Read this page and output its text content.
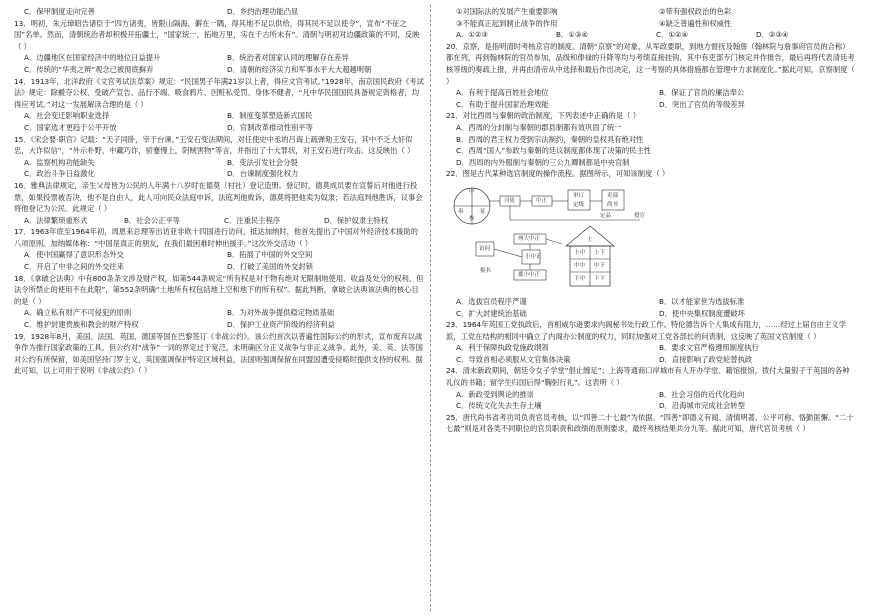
C．保甲制度走向完善	D．乡约治理功能凸显

13．明初，朱元璋昭告诸臣于“四方诸夷，皆限山隔海，僻在一隅，得其地不足以供给，得其民不足以使令”，宣布“不征之国”名单。然而，清朝统治者却积极开拓疆土，“国家统一，拓地万里，实在千古所未有”。清朝与明初对边疆政策的不同，反映（ ）

A．边疆地区在国家经济中的地位日益提升	B．统治者对国家认同的理解存在差异
C．传统的“华夷之辨”观念已被彻底摒弃	D．清朝的经济实力和军事水平大大超越明朝

14．1913年，北洋政府《文官考试法草案》规定：“民国男子年满21岁以上者，得应文官考试。”1928年，南京国民政府《考试法》规定：除褫夺公权、受破产宣告、品行不端、吸食鸦片、因赃私受罚、身体不健者，“凡中华民国国民具备规定资格者，均得应考试。”对这一发展解读合理的是（ ）

A．社会变迁影响职业选择	B．制度变革塑造新式国民
C．国家选才更趋于公平开放	D．官制改革推动性别平等

15．《宋会要·职官》记载：“天子同卧，宰于台谏。”王安石变法期间，对任使史中丞的吕诲上疏弹劾王安石，其中不乏大奸似忠，大诈似信”，“外示朴野，中藏巧诈，骄蹇慢上，阴贼害物”等言，并指出了十大罪状，对王安石进行攻击。这反映出（ ）

A．监察机构功能缺失	B．变法引发社会分裂
C．政治斗争日益激化	D．台谏制度强化权力

16．雅典法律规定，亲生父母皆为公民的人年满十八岁时在德莫（村社）登记造册。登记时，德莫成员要在宣誓后对他进行投票，如果投票被否决，他不是自由人，此人可向民众法庭申诉，法庭判他败诉，德莫将把他卖为奴隶；若法庭判他胜诉，议事会将他登记为公民。此规定（ ）

A．法律繁琐重形式	B．社会公正平等	C．注重民主程序	D．保护奴隶主特权

17．1963年底至1964年初，周恩来总理等出访亚非欧十四国进行访问，抵达加纳时，他首先提出了中国对外经济技术援助的八项原则。加纳媒体称：“中国是真正的朋友，在我们最困难时伸出援手。”这次外交活动（ ）

A．使中国赢得了意识形态外交	B．拓展了中国的外交空间
C．开启了中非之间的外交往来	D．打破了美国的外交封锁

18．《拿破仑法典》中有800条条文涉及财产权，如第544条规定“所有权是对于物有绝对无限制地使用、收益及处分的权利，但法令所禁止的使用不在此限”，第552条明确“土地所有权包括地上空和地下的所有权”。据此判断，拿破仑法典该法典的核心目的是（ ）

A．确立私有财产不可侵犯的原则	B．为对外战争提供稳定物质基础
C．维护封建贵族和教会的财产特权	D．保护工业资产阶级的经济利益

19．1928年8月，美国、法国、英国、德国等国在巴黎签订《非战公约》。该公约首次以普遍性国际公约的形式，宣布废弃以战争作为推行国家政策的工具。但公约对“战争”一词的界定过于宽泛，未明确区分正义战争与非正义战争。此外，美、英、法等国对公约有所保留，如美国坚持门罗主义，英国强调保护特定区域利益，法国则强调保留在同盟国遭受侵略时提供支持的权利。据此可知，以上可用于说明《非战公约》（ ）

①对国际法的发展产生重要影响	②带有强权政治的色彩
③不能真正起到制止战争的作用	④缺乏普遍性和权威性
A．①②③	B．①③④	C．①②④	D．②③④

20．京察，是指明清时考核京官的制度。清朝“京察”的对象，从军政要职，到地方督抚及翰詹（翰林院与詹事府官员的合称）都在列，再到翰林院的官员参加，品级和俸禄的升降等均与考绩直接挂钩，其中有吏部专门核定并作报告，最后再将代表清廷考核等级的奏疏上报，并再由清帝从中选择和最后作出决定，这一考察的具体措施都在管理中力求制度化。”据此可知，京察制度（ ）

A．有利于提高百姓社会地位	B．保证了官员的廉洁奉公
C．有助于提升国家治理效能	D．突出了官员的等级差异

21．对比西周与秦朝的政治制度，下列表述中正确的是（ ）

A．西周的分封制与秦朝的郡县制都有效巩固了统一
B．西周的君王权力受到宗法制约，秦朝的皇权具有绝对性
C．西周“国人”参政与秦朝的廷议制度都体现了决策的民主性
D．西周的内外服制与秦朝的三公九卿制都是中央官制

22．图是古代某种选官制度的操作流程。据图所示，可知该制度（ ）

中
奏	征
参
司徒	中正
审订
定级
吏部
尚书
定品	授官
访问
州大中正
小中正
郡小中正
报名
上
上中
中中
下中
上下
中下
下下
A．选拔官员程序严谨	B．以才能家世为选拔标准
C．扩大封建统治基础	D．使中央集权制度遭破坏

23．1964年英国工党执政后，首相威尔逊要求内阁秘书处行政工作。特伦德告诉个人集成有阻力，……经过上届自由主义学派，工党在结构的相同中确立了内阁办公制度的权力，同时加强对工党各部长的问责制，这反映了英国文官制度（ ）

A．利于保障执政党施政纲领	B．要求文官严格遵照制度执行
C．导致首相必须服从文官集体决策	D．直接影响了政党轮替执政

24．清末新政期间，朝廷令女子学堂“倡止缠足”；上海等通商口岸城市有人开办学堂、籍馆报馆，拨付大量银子于英国的各种礼仪的书籍；留学生归国后得“鞠躬行礼”。这表明（ ）

A．新政受到舆论的推崇	B．社会习俗的近代化趋向
C．传统文化失去生存土壤	D．沿海城市完成社会转型

25．唐代尚书省考功司负责官员考核，以“四善二十七最”为依据。“四善”即德义有闻、清慎明著、公平可称、恪勤匪懈。“二十七最”则是对各类不同职位的官员职责和政绩的原则要求，最终考核结果共分九等。据此可知，唐代官员考核（ ）
